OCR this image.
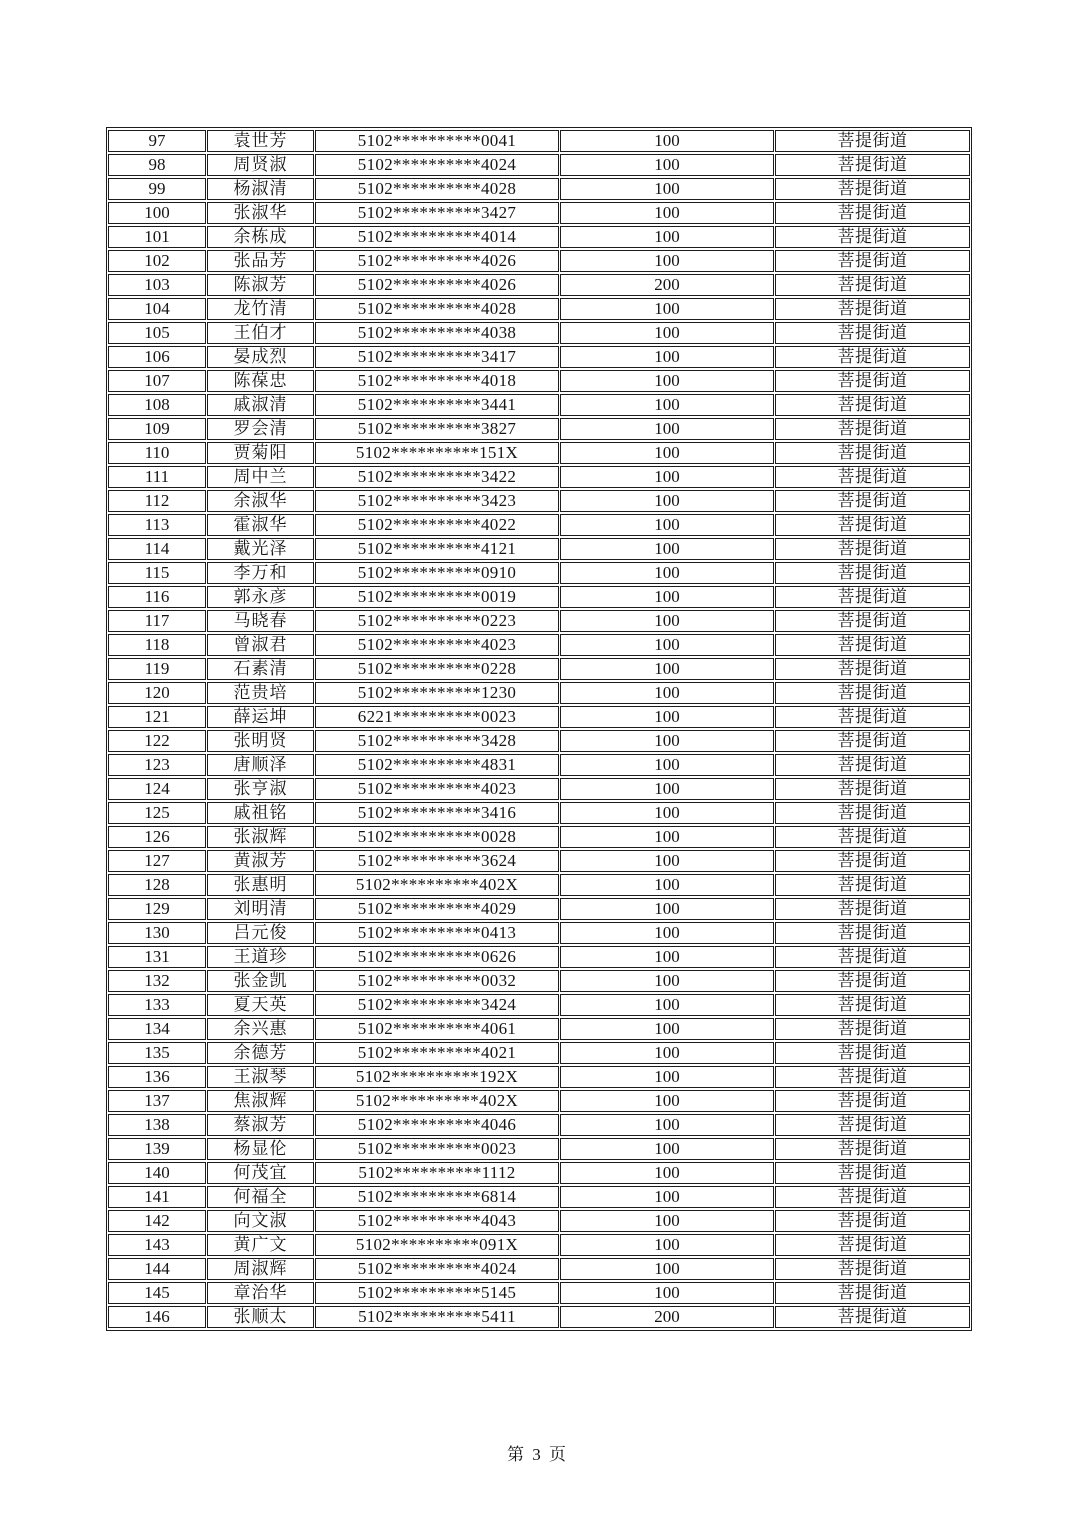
97	袁世芳	5102**********0041	100	菩提街道
98	周贤淑	5102**********4024	100	菩提街道
99	杨淑清	5102**********4028	100	菩提街道
100	张淑华	5102**********3427	100	菩提街道
101	余栋成	5102**********4014	100	菩提街道
102	张品芳	5102**********4026	100	菩提街道
103	陈淑芳	5102**********4026	200	菩提街道
104	龙竹清	5102**********4028	100	菩提街道
105	王伯才	5102**********4038	100	菩提街道
106	晏成烈	5102**********3417	100	菩提街道
107	陈葆忠	5102**********4018	100	菩提街道
108	戚淑清	5102**********3441	100	菩提街道
109	罗会清	5102**********3827	100	菩提街道
110	贾菊阳	5102**********151X	100	菩提街道
111	周中兰	5102**********3422	100	菩提街道
112	余淑华	5102**********3423	100	菩提街道
113	霍淑华	5102**********4022	100	菩提街道
114	戴光泽	5102**********4121	100	菩提街道
115	李万和	5102**********0910	100	菩提街道
116	郭永彦	5102**********0019	100	菩提街道
117	马晓春	5102**********0223	100	菩提街道
118	曾淑君	5102**********4023	100	菩提街道
119	石素清	5102**********0228	100	菩提街道
120	范贵培	5102**********1230	100	菩提街道
121	薛运坤	6221**********0023	100	菩提街道
122	张明贤	5102**********3428	100	菩提街道
123	唐顺泽	5102**********4831	100	菩提街道
124	张亨淑	5102**********4023	100	菩提街道
125	戚祖铭	5102**********3416	100	菩提街道
126	张淑辉	5102**********0028	100	菩提街道
127	黄淑芳	5102**********3624	100	菩提街道
128	张惠明	5102**********402X	100	菩提街道
129	刘明清	5102**********4029	100	菩提街道
130	吕元俊	5102**********0413	100	菩提街道
131	王道珍	5102**********0626	100	菩提街道
132	张金凯	5102**********0032	100	菩提街道
133	夏天英	5102**********3424	100	菩提街道
134	余兴惠	5102**********4061	100	菩提街道
135	余德芳	5102**********4021	100	菩提街道
136	王淑琴	5102**********192X	100	菩提街道
137	焦淑辉	5102**********402X	100	菩提街道
138	蔡淑芳	5102**********4046	100	菩提街道
139	杨显伦	5102**********0023	100	菩提街道
140	何茂宜	5102**********1112	100	菩提街道
141	何福全	5102**********6814	100	菩提街道
142	向文淑	5102**********4043	100	菩提街道
143	黄广文	5102**********091X	100	菩提街道
144	周淑辉	5102**********4024	100	菩提街道
145	章治华	5102**********5145	100	菩提街道
146	张顺太	5102**********5411	200	菩提街道
第 3 页
